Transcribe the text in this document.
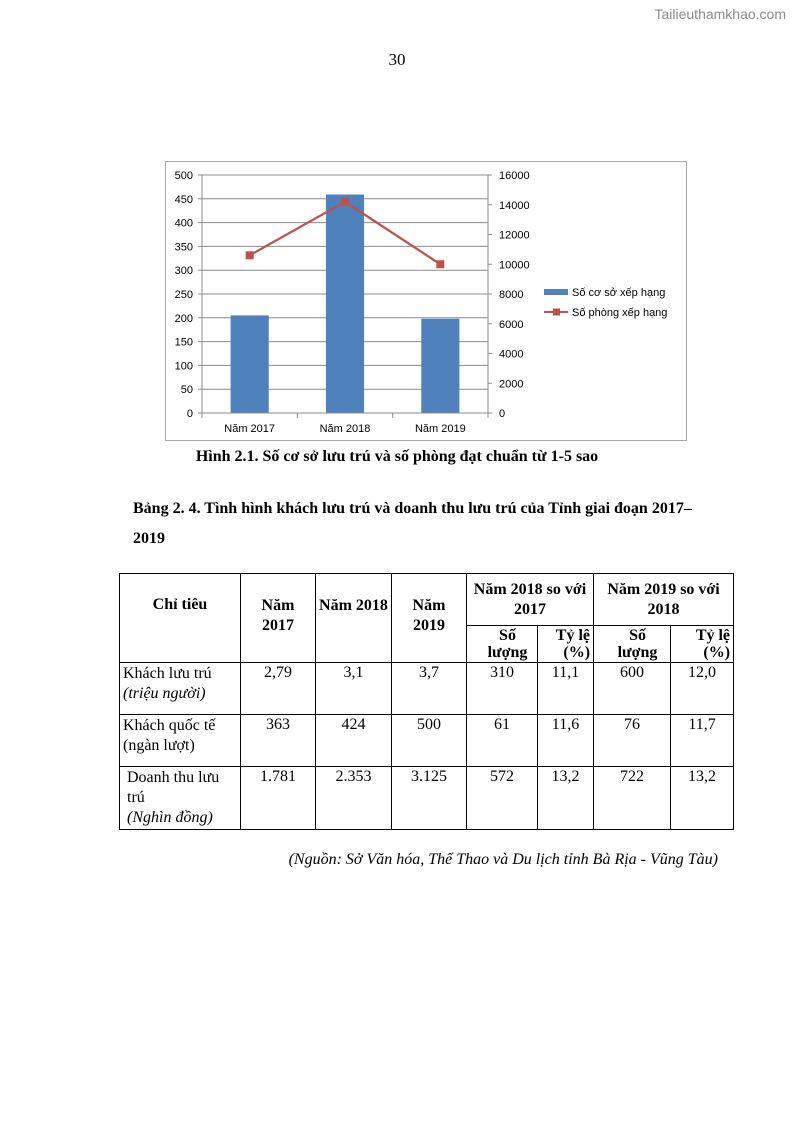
Tailieuthamkhao.com
30
0
50
100
150
200
250
300
350
400
450
500
0
2000
4000
6000
8000
10000
12000
14000
16000
Năm 2017	Năm 2018	Năm 2019
Số cơ sở xếp hạng
Số phòng xếp hạng
Hình 2.1. Số cơ sở lưu trú và số phòng đạt chuẩn từ 1-5 sao
Bảng 2. 4. Tình hình khách lưu trú và doanh thu lưu trú của Tỉnh giai đoạn 2017– 2019
Chỉ tiêu	Năm 2017	Năm 2018	Năm 2019	Năm 2018 so với 2017		Năm 2019 so với 2018	
				Số lượng	Tỷ lệ (%)	Số lượng	Tỷ lệ (%)
Khách lưu trú
(triệu người)	2,79	3,1	3,7	310	11,1	600	12,0
Khách quốc tế
(ngàn lượt)	363	424	500	61	11,6	76	11,7
Doanh thu lưu trú
(Nghìn đồng)	1.781	2.353	3.125	572	13,2	722	13,2
(Nguồn: Sở Văn hóa, Thể Thao và Du lịch tỉnh Bà Rịa - Vũng Tàu)
